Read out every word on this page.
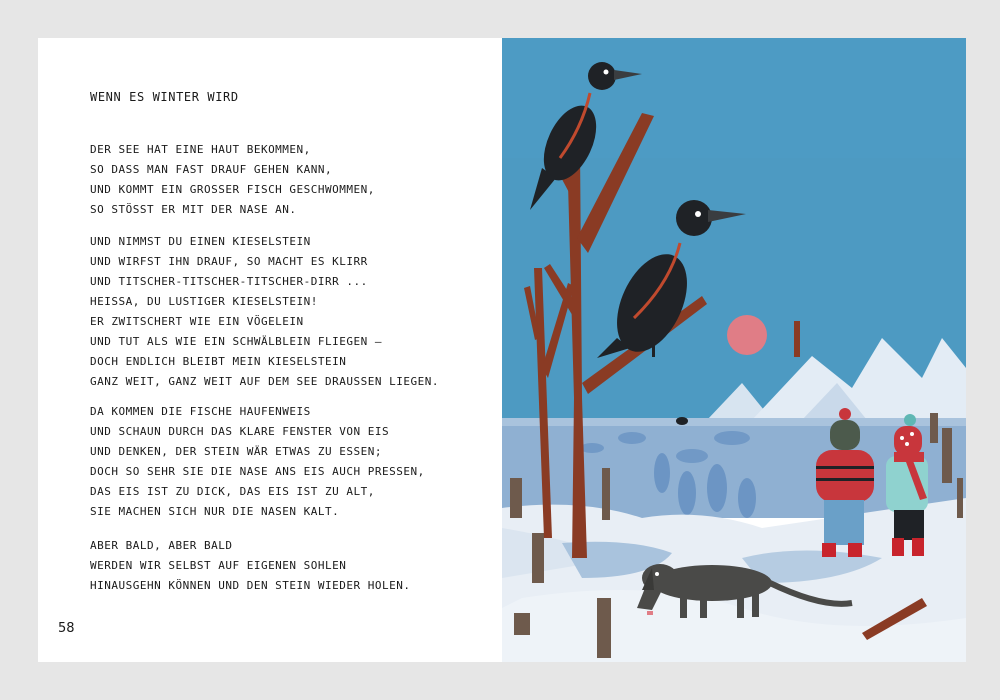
WENN ES WINTER WIRD
DER SEE HAT EINE HAUT BEKOMMEN,
SO DASS MAN FAST DRAUF GEHEN KANN,
UND KOMMT EIN GROSSER FISCH GESCHWOMMEN,
SO STÖSST ER MIT DER NASE AN.
UND NIMMST DU EINEN KIESELSTEIN
UND WIRFST IHN DRAUF, SO MACHT ES KLIRR
UND TITSCHER-TITSCHER-TITSCHER-DIRR ...
HEISSA, DU LUSTIGER KIESELSTEIN!
ER ZWITSCHERT WIE EIN VÖGELEIN
UND TUT ALS WIE EIN SCHWÄLBLEIN FLIEGEN –
DOCH ENDLICH BLEIBT MEIN KIESELSTEIN
GANZ WEIT, GANZ WEIT AUF DEM SEE DRAUSSEN LIEGEN.
DA KOMMEN DIE FISCHE HAUFENWEIS
UND SCHAUN DURCH DAS KLARE FENSTER VON EIS
UND DENKEN, DER STEIN WÄR ETWAS ZU ESSEN;
DOCH SO SEHR SIE DIE NASE ANS EIS AUCH PRESSEN,
DAS EIS IST ZU DICK, DAS EIS IST ZU ALT,
SIE MACHEN SICH NUR DIE NASEN KALT.
ABER BALD, ABER BALD
WERDEN WIR SELBST AUF EIGENEN SOHLEN
HINAUSGEHN KÖNNEN UND DEN STEIN WIEDER HOLEN.
58
